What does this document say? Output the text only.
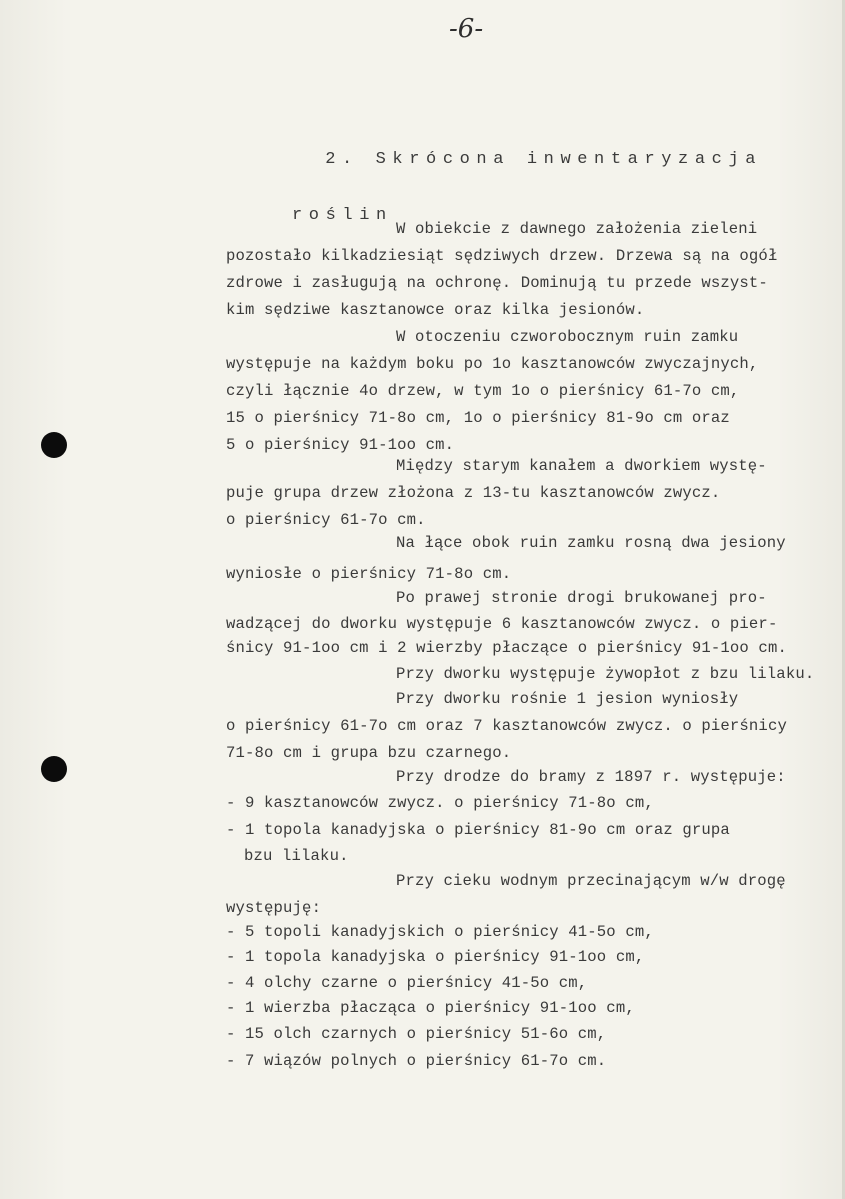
-6-

2. Skrócona inwentaryzacja

roślin

W obiekcie z dawnego założenia zieleni
pozostało kilkadziesiąt sędziwych drzew. Drzewa są na ogół
zdrowe i zasługują na ochronę. Dominują tu przede wszyst-
kim sędziwe kasztanowce oraz kilka jesionów.
W otoczeniu czworobocznym ruin zamku
występuje na każdym boku po 1o kasztanowców zwyczajnych,
czyli łącznie 4o drzew, w tym 1o o pierśnicy 61-7o cm,
15 o pierśnicy 71-8o cm, 1o o pierśnicy 81-9o cm oraz
5 o pierśnicy 91-1oo cm.
Między starym kanałem a dworkiem wystę-
puje grupa drzew złożona z 13-tu kasztanowców zwycz.
o pierśnicy 61-7o cm.
Na łące obok ruin zamku rosną dwa jesiony
wyniosłe o pierśnicy 71-8o cm.
Po prawej stronie drogi brukowanej pro-
wadzącej do dworku występuje 6 kasztanowców zwycz. o pier-
śnicy 91-1oo cm i 2 wierzby płaczące o pierśnicy 91-1oo cm.
Przy dworku występuje żywopłot z bzu lilaku.
Przy dworku rośnie 1 jesion wyniosły
o pierśnicy 61-7o cm oraz 7 kasztanowców zwycz. o pierśnicy
71-8o cm i grupa bzu czarnego.
Przy drodze do bramy z 1897 r. występuje:
- 9 kasztanowców zwycz. o pierśnicy 71-8o cm,
- 1 topola kanadyjska o pierśnicy 81-9o cm oraz grupa
bzu lilaku.
Przy cieku wodnym przecinającym w/w drogę
występuję:
- 5 topoli kanadyjskich o pierśnicy 41-5o cm,
- 1 topola kanadyjska o pierśnicy 91-1oo cm,
- 4 olchy czarne o pierśnicy 41-5o cm,
- 1 wierzba płacząca o pierśnicy 91-1oo cm,
- 15 olch czarnych o pierśnicy 51-6o cm,
- 7 wiązów polnych o pierśnicy 61-7o cm.
